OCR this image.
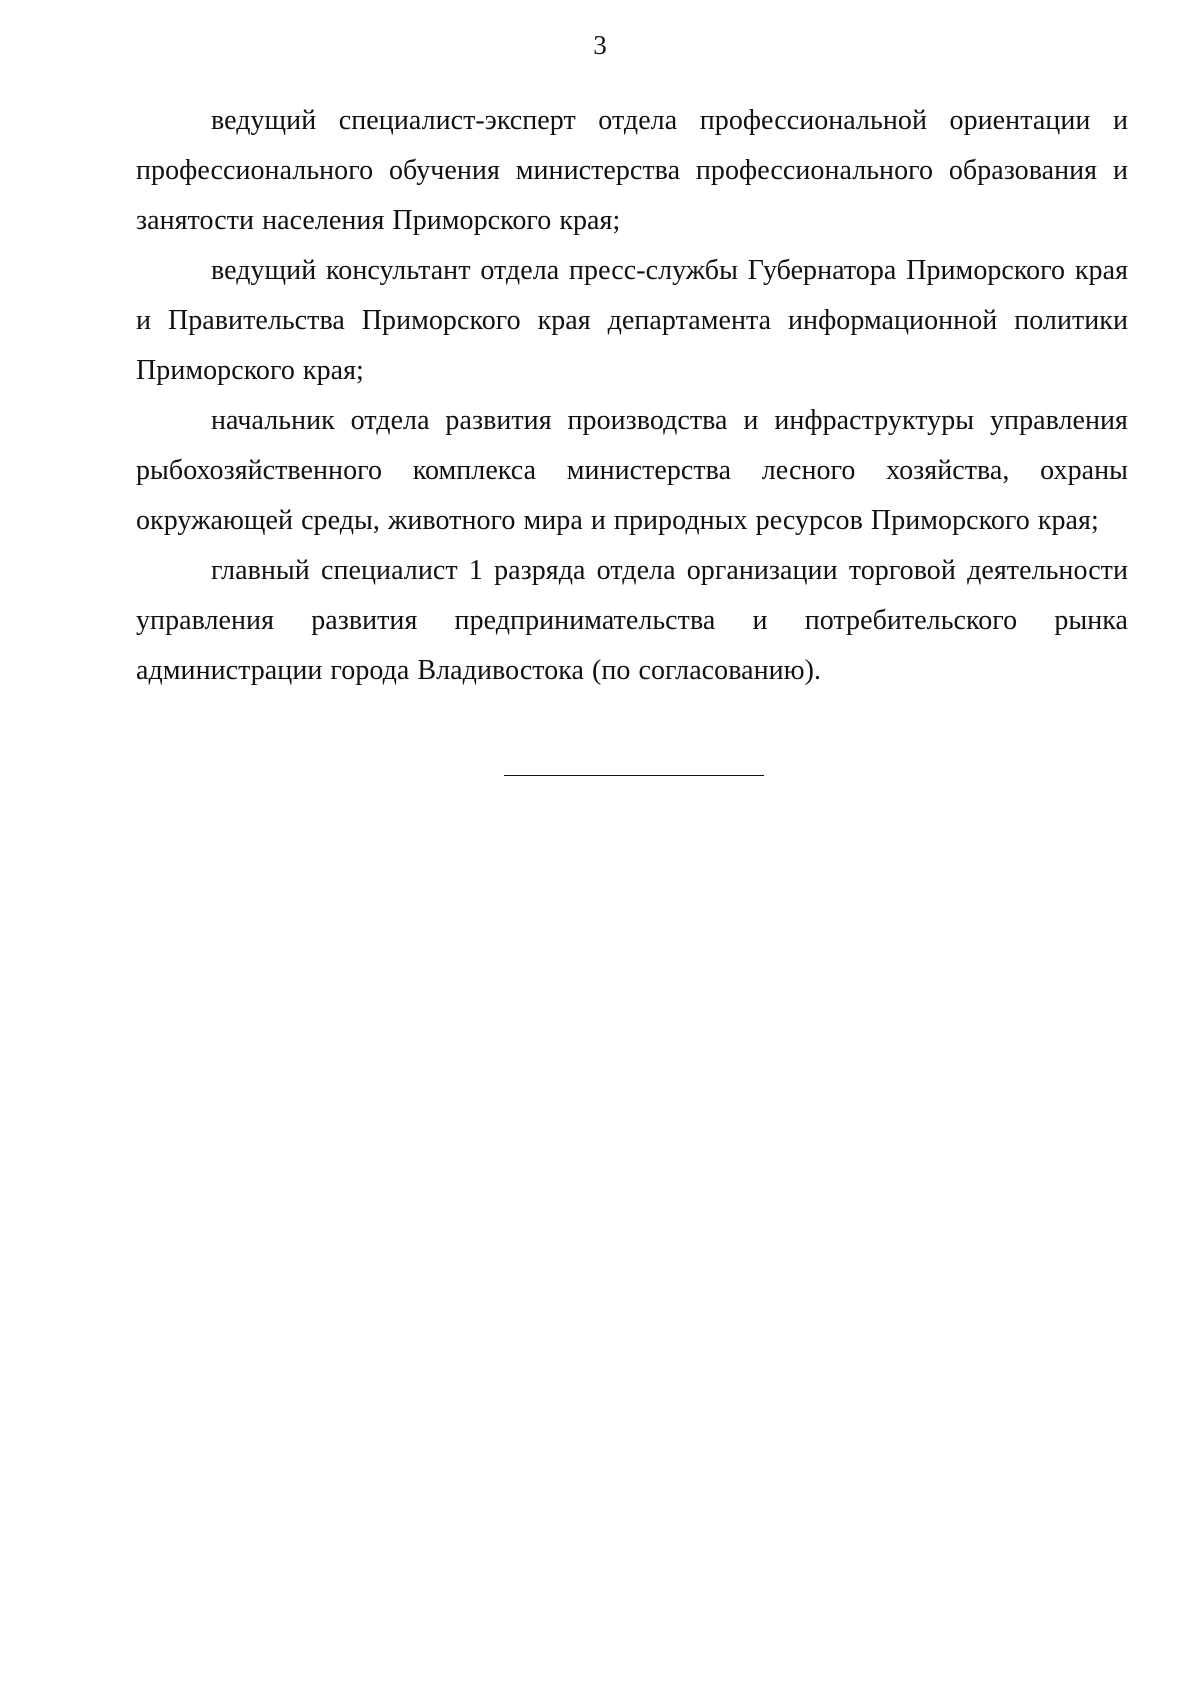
3

ведущий специалист-эксперт отдела профессиональной ориентации и профессионального обучения министерства профессионального образования и занятости населения Приморского края;

ведущий консультант отдела пресс-службы Губернатора Приморского края и Правительства Приморского края департамента информационной политики Приморского края;

начальник отдела развития производства и инфраструктуры управления рыбохозяйственного комплекса министерства лесного хозяйства, охраны окружающей среды, животного мира и природных ресурсов Приморского края;

главный специалист 1 разряда отдела организации торговой деятельности управления развития предпринимательства и потребительского рынка администрации города Владивостока (по согласованию).
